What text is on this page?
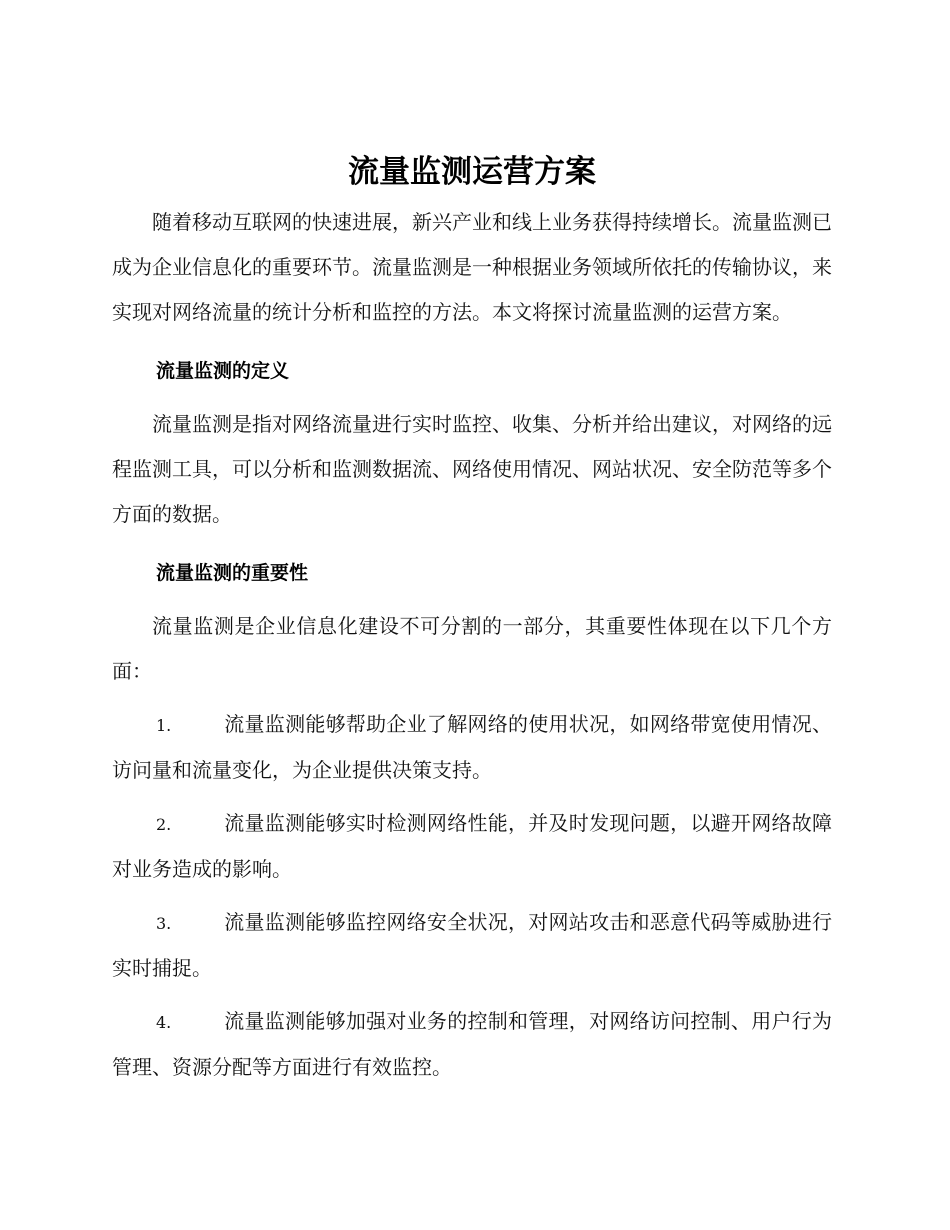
流量监测运营方案

随着移动互联网的快速进展，新兴产业和线上业务获得持续增长。流量监测已成为企业信息化的重要环节。流量监测是一种根据业务领域所依托的传输协议，来实现对网络流量的统计分析和监控的方法。本文将探讨流量监测的运营方案。

流量监测的定义

流量监测是指对网络流量进行实时监控、收集、分析并给出建议，对网络的远程监测工具，可以分析和监测数据流、网络使用情况、网站状况、安全防范等多个方面的数据。

流量监测的重要性

流量监测是企业信息化建设不可分割的一部分，其重要性体现在以下几个方面：

1.	流量监测能够帮助企业了解网络的使用状况，如网络带宽使用情况、访问量和流量变化，为企业提供决策支持。
2.	流量监测能够实时检测网络性能，并及时发现问题，以避开网络故障对业务造成的影响。
3.	流量监测能够监控网络安全状况，对网站攻击和恶意代码等威胁进行实时捕捉。
4.	流量监测能够加强对业务的控制和管理，对网络访问控制、用户行为管理、资源分配等方面进行有效监控。
